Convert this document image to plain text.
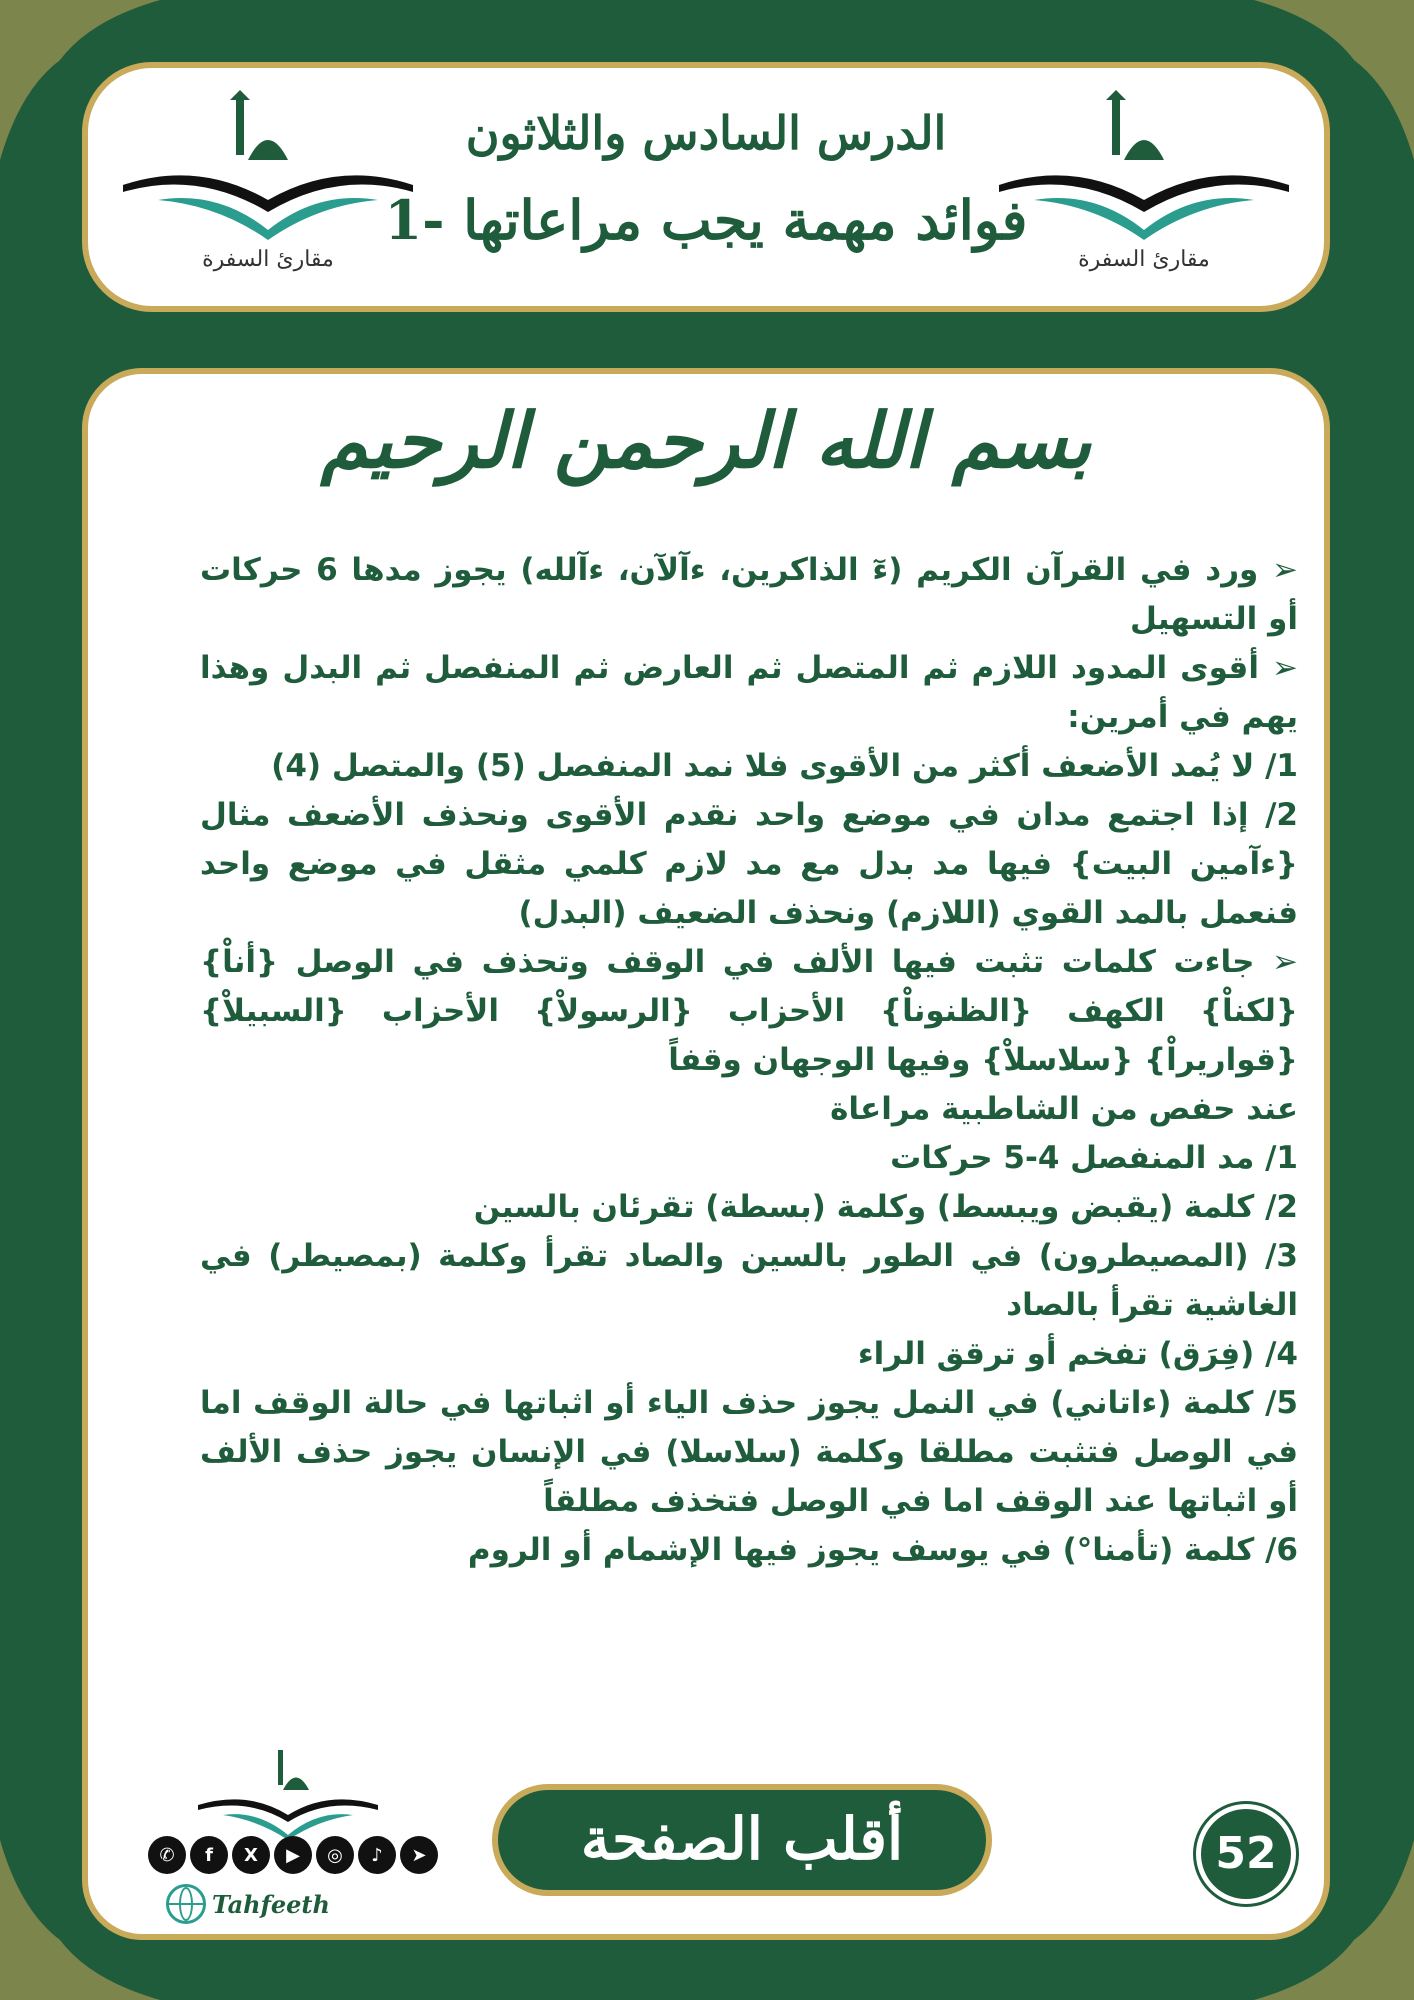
مقارئ السفرة	مقارئ السفرة
الدرس السادس والثلاثون
فوائد مهمة يجب مراعاتها -1
بسم الله الرحمن الرحيم

➢ ورد في القرآن الكريم (ءٓ الذاكرين، ءآلآن، ءآلله) يجوز مدها 6 حركات أو التسهيل

➢ أقوى المدود اللازم ثم المتصل ثم العارض ثم المنفصل ثم البدل وهذا يهم في أمرين:

1/ لا يُمد الأضعف أكثر من الأقوى فلا نمد المنفصل (5) والمتصل (4)

2/ إذا اجتمع مدان في موضع واحد نقدم الأقوى ونحذف الأضعف مثال {ءآمين البيت} فيها مد بدل مع مد لازم كلمي مثقل في موضع واحد فنعمل بالمد القوي (اللازم) ونحذف الضعيف (البدل)

➢ جاءت كلمات تثبت فيها الألف في الوقف وتحذف في الوصل {أناْ} {لكناْ} الكهف {الظنوناْ} الأحزاب {الرسولاْ} الأحزاب {السبيلاْ} {قواريراْ} {سلاسلاْ} وفيها الوجهان وقفاً

عند حفص من الشاطبية مراعاة

1/ مد المنفصل 4-5 حركات

2/ كلمة (يقبض ويبسط) وكلمة (بسطة) تقرئان بالسين

3/ (المصيطرون) في الطور بالسين والصاد تقرأ وكلمة (بمصيطر) في الغاشية تقرأ بالصاد

4/ (فِرَق) تفخم أو ترقق الراء

5/ كلمة (ءاتاني) في النمل يجوز حذف الياء أو اثباتها في حالة الوقف اما في الوصل فتثبت مطلقا وكلمة (سلاسلا) في الإنسان يجوز حذف الألف أو اثباتها عند الوقف اما في الوصل فتخذف مطلقاً

6/ كلمة (تأمنا°) في يوسف يجوز فيها الإشمام أو الروم

✆	f	X	▶	◎	♪	➤
Tahfeeth
أقلب الصفحة	52
